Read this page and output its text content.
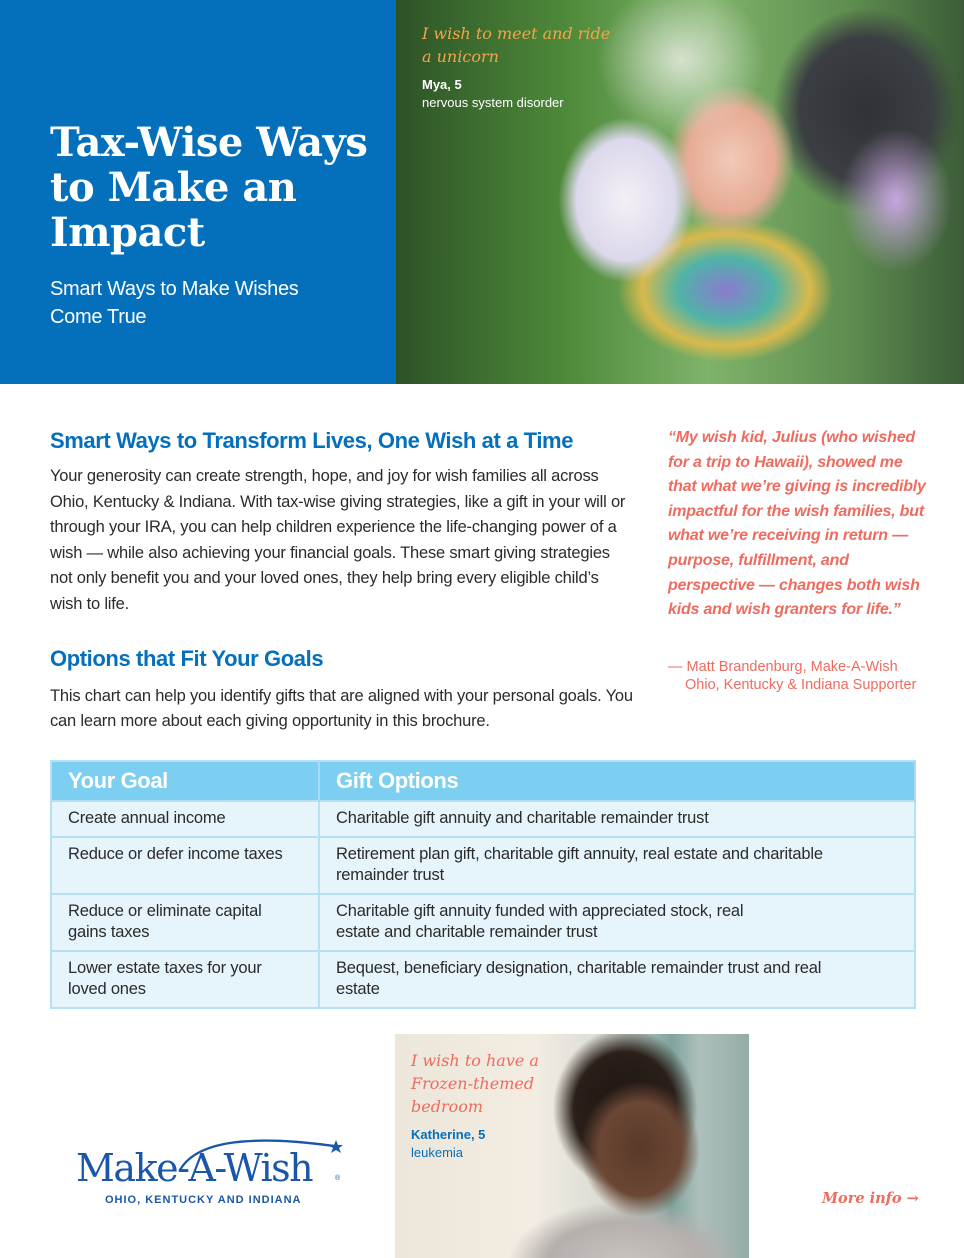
Tax-Wise Ways to Make an Impact

Smart Ways to Make Wishes Come True

I wish to meet and ride a unicorn

Mya, 5

nervous system disorder

Smart Ways to Transform Lives, One Wish at a Time

Your generosity can create strength, hope, and joy for wish families all across Ohio, Kentucky & Indiana. With tax-wise giving strategies, like a gift in your will or through your IRA, you can help children experience the life-changing power of a wish — while also achieving your financial goals. These smart giving strategies not only benefit you and your loved ones, they help bring every eligible child’s wish to life.

“My wish kid, Julius (who wished for a trip to Hawaii), showed me that what we’re giving is incredibly impactful for the wish families, but what we’re receiving in return — purpose, fulfillment, and perspective — changes both wish kids and wish granters for life.”

— Matt Brandenburg, Make-A-Wish Ohio, Kentucky & Indiana Supporter

Options that Fit Your Goals

This chart can help you identify gifts that are aligned with your personal goals. You can learn more about each giving opportunity in this brochure.

Your Goal	Gift Options
Create annual income	Charitable gift annuity and charitable remainder trust
Reduce or defer income taxes	Retirement plan gift, charitable gift annuity, real estate and charitable remainder trust
Reduce or eliminate capital gains taxes	Charitable gift annuity funded with appreciated stock, real estate and charitable remainder trust
Lower estate taxes for your loved ones	Bequest, beneficiary designation, charitable remainder trust and real estate
Make-A-Wish	®
OHIO, KENTUCKY AND INDIANA

I wish to have a Frozen-themed bedroom

Katherine, 5

leukemia

More info →
